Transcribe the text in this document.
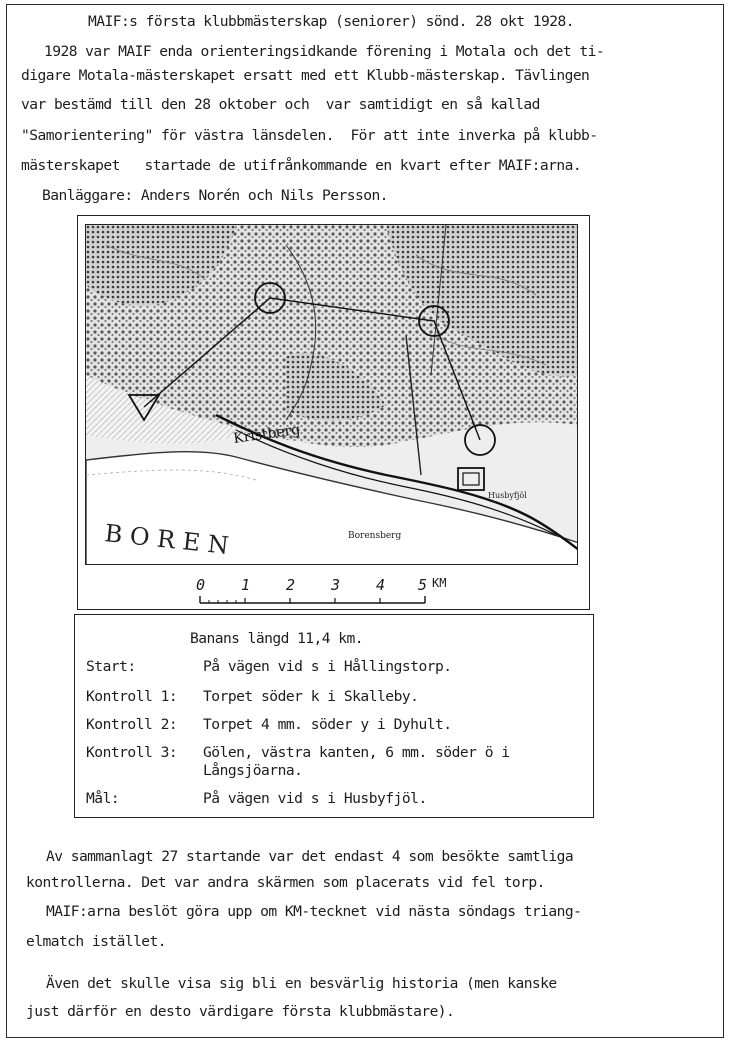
MAIF:s första klubbmästerskap (seniorer) sönd. 28 okt 1928.
1928 var MAIF enda orienteringsidkande förening i Motala och det ti-
digare Motala-mästerskapet ersatt med ett Klubb-mästerskap. Tävlingen
var bestämd till den 28 oktober och  var samtidigt en så kallad
"Samorientering" för västra länsdelen.  För att inte inverka på klubb-
mästerskapet   startade de utifrånkommande en kvart efter MAIF:arna.
Banläggare: Anders Norén och Nils Persson.
B O R E N
Kristberg
Borensberg
Husbyfjöl
0 1 2 3 4 5 KM
Banans längd 11,4 km.
Start:	På vägen vid s i Hållingstorp.
Kontroll 1: Torpet söder k i Skalleby.
Kontroll 2: Torpet 4 mm. söder y i Dyhult.
Kontroll 3: Gölen, västra kanten, 6 mm. söder ö i
Långsjöarna.
Mål:	På vägen vid s i Husbyfjöl.
Av sammanlagt 27 startande var det endast 4 som besökte samtliga
kontrollerna. Det var andra skärmen som placerats vid fel torp.
MAIF:arna beslöt göra upp om KM-tecknet vid nästa söndags triang-
elmatch istället.
Även det skulle visa sig bli en besvärlig historia (men kanske
just därför en desto värdigare första klubbmästare).
